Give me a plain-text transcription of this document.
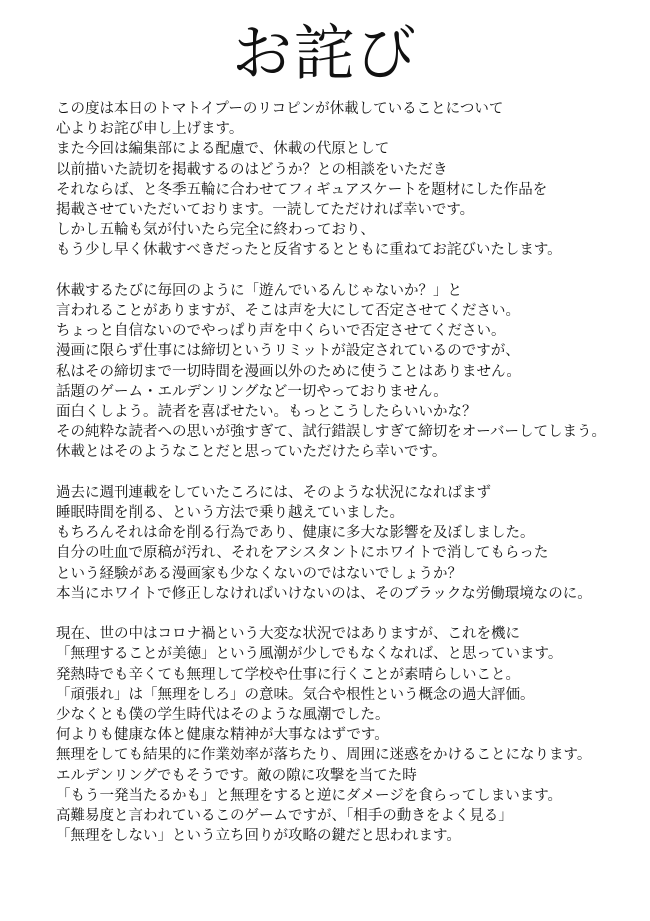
お詫び
この度は本日のトマトイプーのリコピンが休載していることについて
心よりお詫び申し上げます。
また今回は編集部による配慮で、休載の代原として
以前描いた読切を掲載するのはどうか？との相談をいただき
それならば、と冬季五輪に合わせてフィギュアスケートを題材にした作品を
掲載させていただいております。一読してただければ幸いです。
しかし五輪も気が付いたら完全に終わっており、
もう少し早く休載すべきだったと反省するとともに重ねてお詫びいたします。
休載するたびに毎回のように「遊んでいるんじゃないか？」と
言われることがありますが、そこは声を大にして否定させてください。
ちょっと自信ないのでやっぱり声を中くらいで否定させてください。
漫画に限らず仕事には締切というリミットが設定されているのですが、
私はその締切まで一切時間を漫画以外のために使うことはありません。
話題のゲーム・エルデンリングなど一切やっておりません。
面白くしよう。読者を喜ばせたい。もっとこうしたらいいかな？
その純粋な読者への思いが強すぎて、試行錯誤しすぎて締切をオーバーしてしまう。
休載とはそのようなことだと思っていただけたら幸いです。
過去に週刊連載をしていたころには、そのような状況になればまず
睡眠時間を削る、という方法で乗り越えていました。
もちろんそれは命を削る行為であり、健康に多大な影響を及ぼしました。
自分の吐血で原稿が汚れ、それをアシスタントにホワイトで消してもらった
という経験がある漫画家も少なくないのではないでしょうか？
本当にホワイトで修正しなければいけないのは、そのブラックな労働環境なのに。
現在、世の中はコロナ禍という大変な状況ではありますが、これを機に
「無理することが美徳」という風潮が少しでもなくなれば、と思っています。
発熱時でも辛くても無理して学校や仕事に行くことが素晴らしいこと。
「頑張れ」は「無理をしろ」の意味。気合や根性という概念の過大評価。
少なくとも僕の学生時代はそのような風潮でした。
何よりも健康な体と健康な精神が大事なはずです。
無理をしても結果的に作業効率が落ちたり、周囲に迷惑をかけることになります。
エルデンリングでもそうです。敵の隙に攻撃を当てた時
「もう一発当たるかも」と無理をすると逆にダメージを食らってしまいます。
高難易度と言われているこのゲームですが、「相手の動きをよく見る」
「無理をしない」という立ち回りが攻略の鍵だと思われます。
